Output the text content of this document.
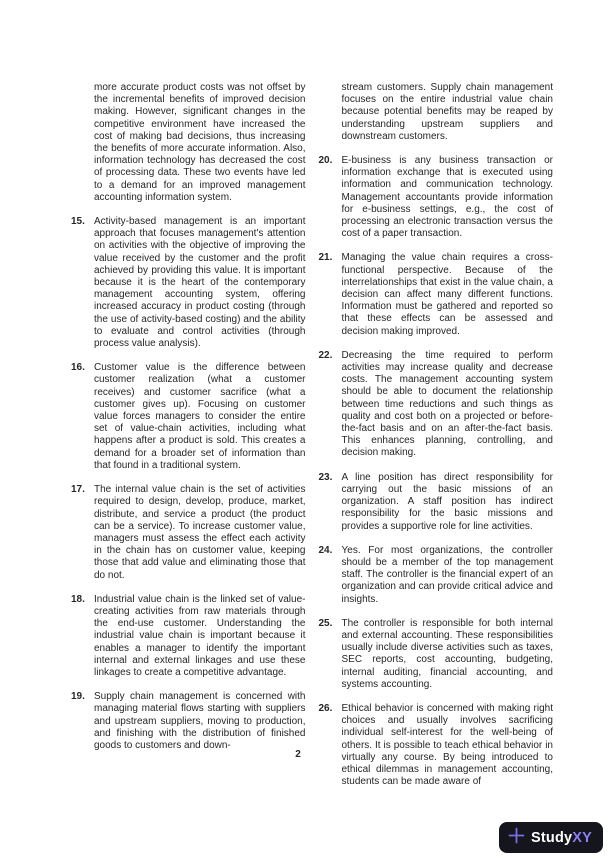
more accurate product costs was not offset by the incremental benefits of improved decision making. However, significant changes in the competitive environment have increased the cost of making bad decisions, thus increasing the benefits of more accurate information. Also, information technology has decreased the cost of processing data. These two events have led to a demand for an improved management accounting information system.
15. Activity-based management is an important approach that focuses management's attention on activities with the objective of improving the value received by the customer and the profit achieved by providing this value. It is important because it is the heart of the contemporary management accounting system, offering increased accuracy in product costing (through the use of activity-based costing) and the ability to evaluate and control activities (through process value analysis).
16. Customer value is the difference between customer realization (what a customer receives) and customer sacrifice (what a customer gives up). Focusing on customer value forces managers to consider the entire set of value-chain activities, including what happens after a product is sold. This creates a demand for a broader set of information than that found in a traditional system.
17. The internal value chain is the set of activities required to design, develop, produce, market, distribute, and service a product (the product can be a service). To increase customer value, managers must assess the effect each activity in the chain has on customer value, keeping those that add value and eliminating those that do not.
18. Industrial value chain is the linked set of value-creating activities from raw materials through the end-use customer. Understanding the industrial value chain is important because it enables a manager to identify the important internal and external linkages and use these linkages to create a competitive advantage.
19. Supply chain management is concerned with managing material flows starting with suppliers and upstream suppliers, moving to production, and finishing with the distribution of finished goods to customers and down-
stream customers. Supply chain management focuses on the entire industrial value chain because potential benefits may be reaped by understanding upstream suppliers and downstream customers.
20. E-business is any business transaction or information exchange that is executed using information and communication technology. Management accountants provide information for e-business settings, e.g., the cost of processing an electronic transaction versus the cost of a paper transaction.
21. Managing the value chain requires a cross-functional perspective. Because of the interrelationships that exist in the value chain, a decision can affect many different functions. Information must be gathered and reported so that these effects can be assessed and decision making improved.
22. Decreasing the time required to perform activities may increase quality and decrease costs. The management accounting system should be able to document the relationship between time reductions and such things as quality and cost both on a projected or before-the-fact basis and on an after-the-fact basis. This enhances planning, controlling, and decision making.
23. A line position has direct responsibility for carrying out the basic missions of an organization. A staff position has indirect responsibility for the basic missions and provides a supportive role for line activities.
24. Yes. For most organizations, the controller should be a member of the top management staff. The controller is the financial expert of an organization and can provide critical advice and insights.
25. The controller is responsible for both internal and external accounting. These responsibilities usually include diverse activities such as taxes, SEC reports, cost accounting, budgeting, internal auditing, financial accounting, and systems accounting.
26. Ethical behavior is concerned with making right choices and usually involves sacrificing individual self-interest for the well-being of others. It is possible to teach ethical behavior in virtually any course. By being introduced to ethical dilemmas in management accounting, students can be made aware of
2
StudyXY
